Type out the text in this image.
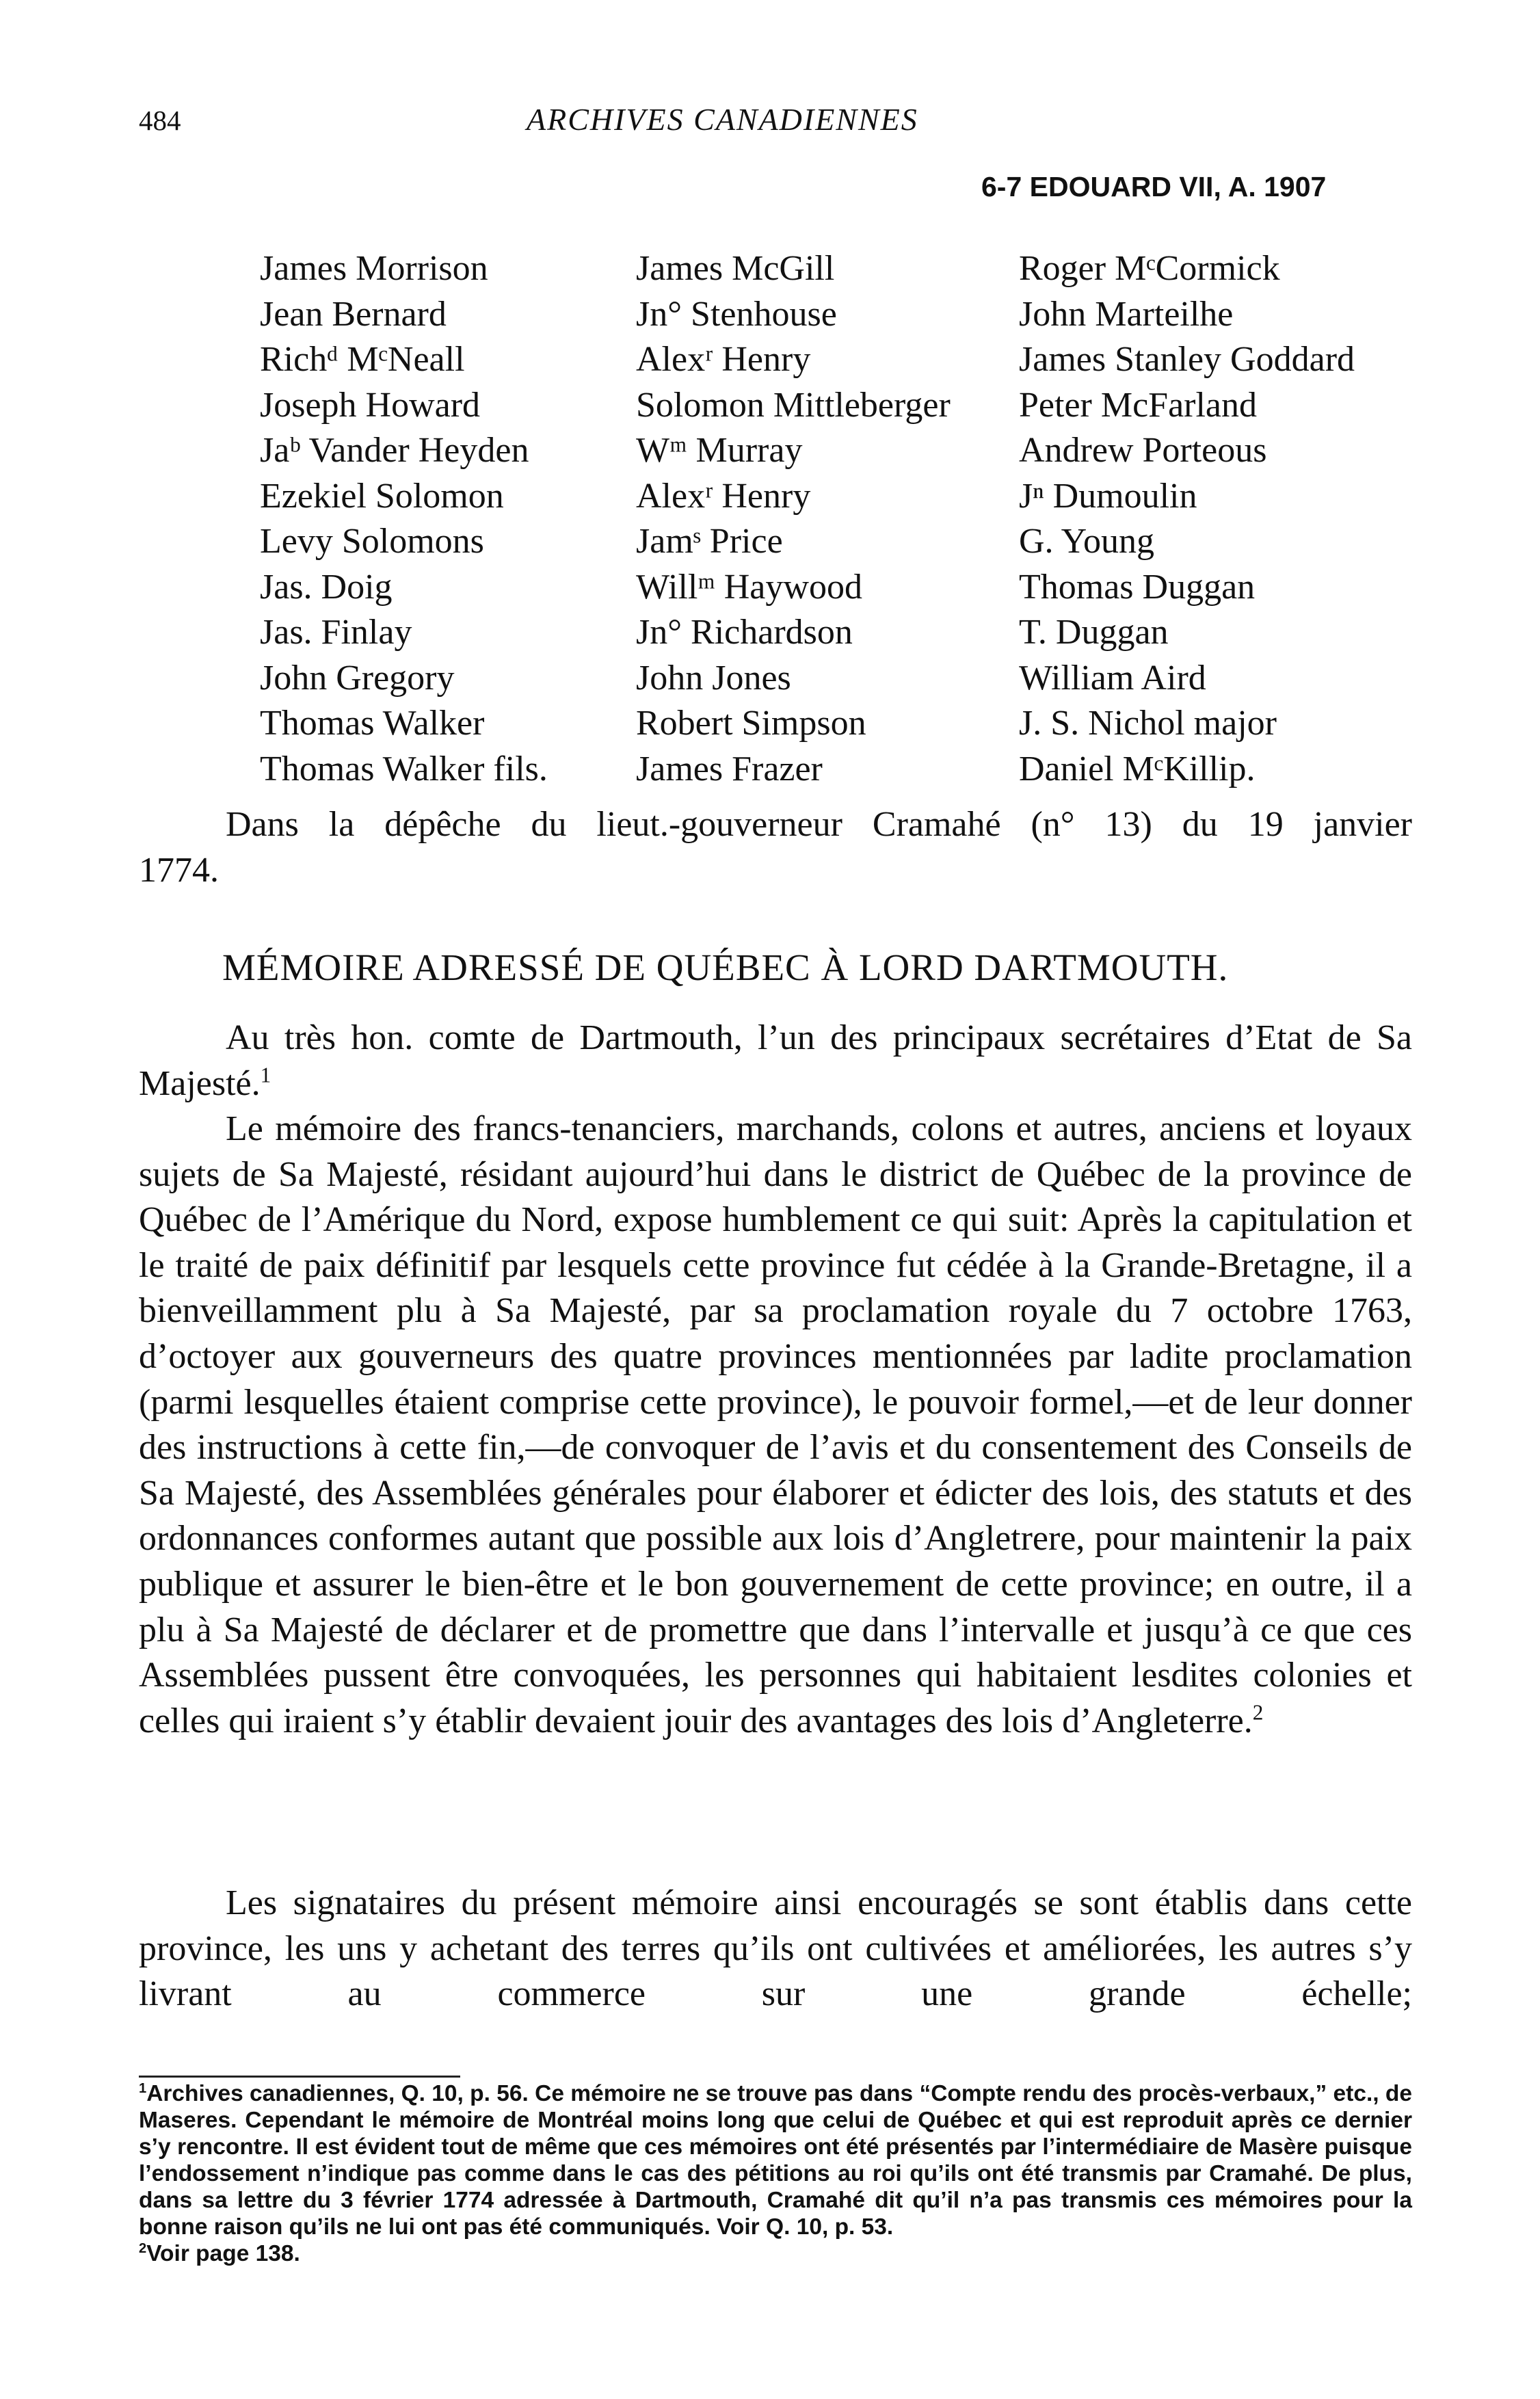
484	ARCHIVES CANADIENNES
6-7 EDOUARD VII, A. 1907
James Morrison
Jean Bernard
Richᵈ MᶜNeall
Joseph Howard
Jaᵇ Vander Heyden
Ezekiel Solomon
Levy Solomons
Jas. Doig
Jas. Finlay
John Gregory
Thomas Walker
Thomas Walker fils.
James McGill
Jn° Stenhouse
Alexʳ Henry
Solomon Mittleberger
Wᵐ Murray
Alexʳ Henry
Jamˢ Price
Willᵐ Haywood
Jn° Richardson
John Jones
Robert Simpson
James Frazer
Roger MᶜCormick
John Marteilhe
James Stanley Goddard
Peter McFarland
Andrew Porteous
Jⁿ Dumoulin
G. Young
Thomas Duggan
T. Duggan
William Aird
J. S. Nichol major
Daniel MᶜKillip.
Dans la dépêche du lieut.-gouverneur Cramahé (n° 13) du 19 janvier
1774.
MÉMOIRE ADRESSÉ DE QUÉBEC À LORD DARTMOUTH.
Au très hon. comte de Dartmouth, l’un des principaux secrétaires d’Etat de Sa Majesté.$^1$
Le mémoire des francs-tenanciers, marchands, colons et autres, anciens et loyaux sujets de Sa Majesté, résidant aujourd’hui dans le district de Québec de la province de Québec de l’Amérique du Nord, expose humblement ce qui suit: Après la capitulation et le traité de paix définitif par lesquels cette province fut cédée à la Grande-Bretagne, il a bienveillamment plu à Sa Majesté, par sa proclamation royale du 7 octobre 1763, d’octoyer aux gouverneurs des quatre provinces mentionnées par ladite proclamation (parmi lesquelles étaient comprise cette province), le pouvoir formel,—et de leur donner des instructions à cette fin,—de convoquer de l’avis et du consentement des Conseils de Sa Majesté, des Assemblées générales pour élaborer et édicter des lois, des statuts et des ordonnances conformes autant que possible aux lois d’Angletrere, pour maintenir la paix publique et assurer le bien-être et le bon gouvernement de cette province; en outre, il a plu à Sa Majesté de déclarer et de promettre que dans l’intervalle et jusqu’à ce que ces Assemblées pussent être convoquées, les personnes qui habitaient lesdites colonies et celles qui iraient s’y établir devaient jouir des avantages des lois d’Angleterre.$^2$
Les signataires du présent mémoire ainsi encouragés se sont établis dans cette province, les uns y achetant des terres qu’ils ont cultivées et améliorées, les autres s’y livrant au commerce sur une grande échelle;
$^1$Archives canadiennes, Q. 10, p. 56. Ce mémoire ne se trouve pas dans “Compte rendu des procès-verbaux,” etc., de Maseres. Cependant le mémoire de Montréal moins long que celui de Québec et qui est reproduit après ce dernier s’y rencontre. Il est évident tout de même que ces mémoires ont été présentés par l’intermédiaire de Masère puisque l’endossement n’indique pas comme dans le cas des pétitions au roi qu’ils ont été transmis par Cramahé. De plus, dans sa lettre du 3 février 1774 adressée à Dartmouth, Cramahé dit qu’il n’a pas transmis ces mémoires pour la bonne raison qu’ils ne lui ont pas été communiqués. Voir Q. 10, p. 53.
$^2$Voir page 138.
